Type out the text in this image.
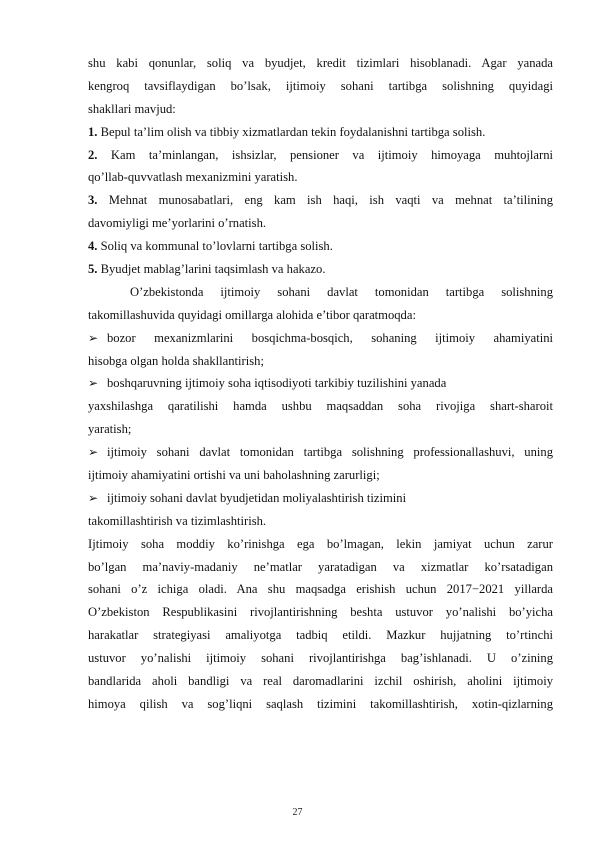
shu kabi qonunlar, soliq va byudjet, kredit tizimlari hisoblanadi. Agar yanada
kengroq tavsiflaydigan bo’lsak, ijtimoiy sohani tartibga solishning quyidagi
shakllari mavjud:
1. Bepul ta’lim olish va tibbiy xizmatlardan tekin foydalanishni tartibga solish.
2. Kam ta’minlangan, ishsizlar, pensioner va ijtimoiy himoyaga muhtojlarni
qo’llab-quvvatlash mexanizmini yaratish.
3. Mehnat munosabatlari, eng kam ish haqi, ish vaqti va mehnat ta’tilining
davomiyligi me’yorlarini o’rnatish.
4. Soliq va kommunal to’lovlarni tartibga solish.
5. Byudjet mablag’larini taqsimlash va hakazo.
O’zbekistonda ijtimoiy sohani davlat tomonidan tartibga solishning
takomillashuvida quyidagi omillarga alohida e’tibor qaratmoqda:
➢ bozor mexanizmlarini bosqichma-bosqich, sohaning ijtimoiy ahamiyatini
hisobga olgan holda shakllantirish;
➢ boshqaruvning ijtimoiy soha iqtisodiyoti tarkibiy tuzilishini yanada
yaxshilashga qaratilishi hamda ushbu maqsaddan soha rivojiga shart-sharoit
yaratish;
➢ ijtimoiy sohani davlat tomonidan tartibga solishning professionallashuvi, uning
ijtimoiy ahamiyatini ortishi va uni baholashning zarurligi;
➢ ijtimoiy sohani davlat byudjetidan moliyalashtirish tizimini
takomillashtirish va tizimlashtirish.
Ijtimoiy soha moddiy ko’rinishga ega bo’lmagan, lekin jamiyat uchun zarur
bo’lgan ma’naviy-madaniy ne’matlar yaratadigan va xizmatlar ko’rsatadigan
sohani o’z ichiga oladi. Ana shu maqsadga erishish uchun 2017−2021 yillarda
O’zbekiston Respublikasini rivojlantirishning beshta ustuvor yo’nalishi bo’yicha
harakatlar strategiyasi amaliyotga tadbiq etildi. Mazkur hujjatning to’rtinchi
ustuvor yo’nalishi ijtimoiy sohani rivojlantirishga bag’ishlanadi. U o’zining
bandlarida aholi bandligi va real daromadlarini izchil oshirish, aholini ijtimoiy
himoya qilish va sog’liqni saqlash tizimini takomillashtirish, xotin-qizlarning
27
